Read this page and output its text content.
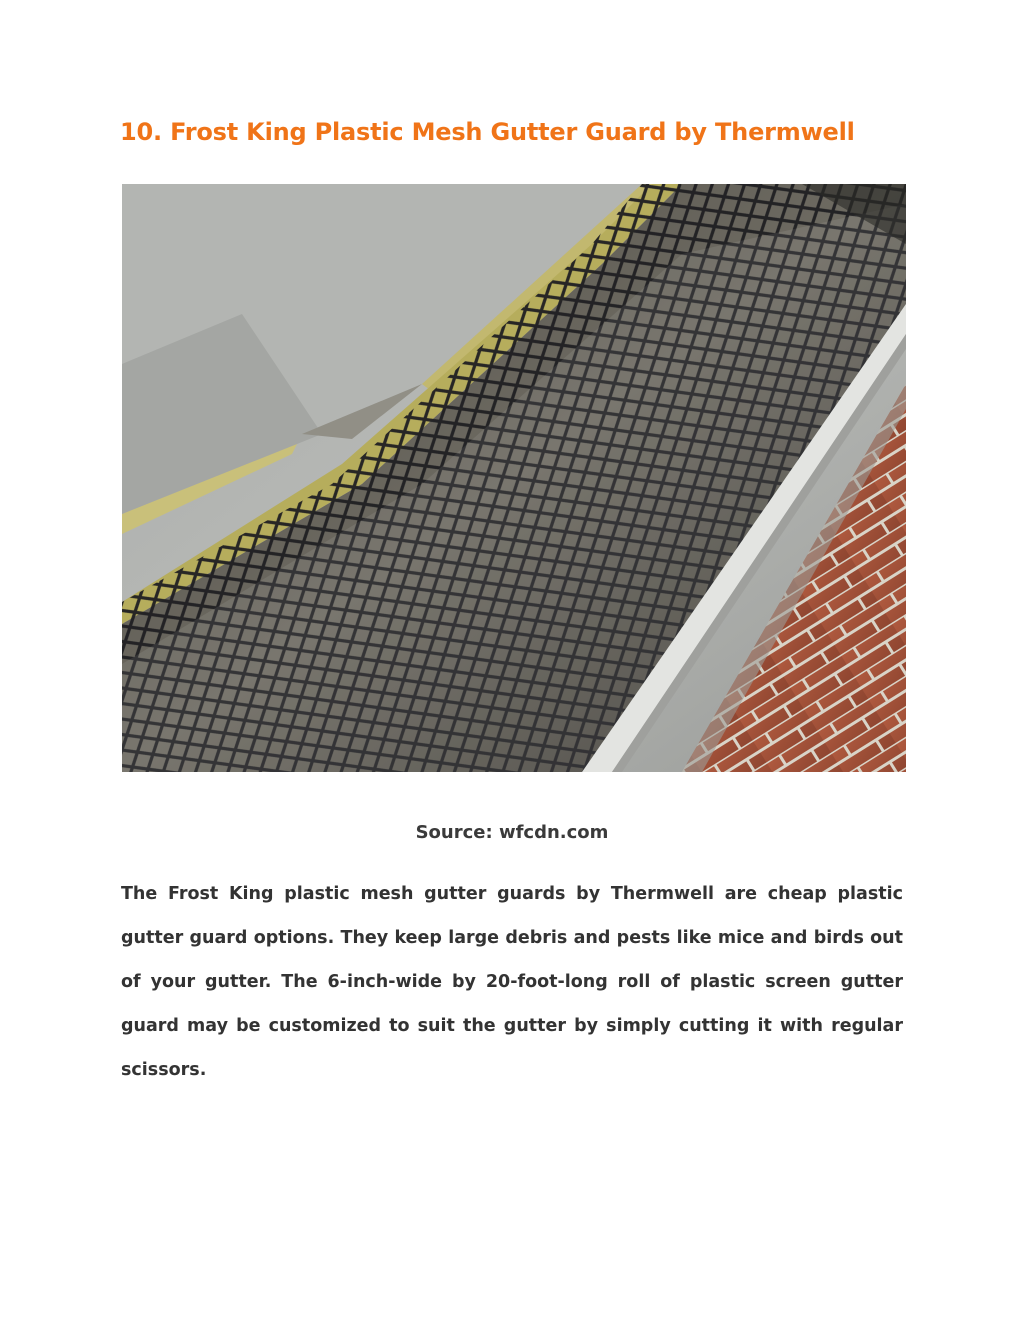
10. Frost King Plastic Mesh Gutter Guard by Thermwell
Source: wfcdn.com

The Frost King plastic mesh gutter guards by Thermwell are cheap plastic gutter guard options. They keep large debris and pests like mice and birds out of your gutter. The 6-inch-wide by 20-foot-long roll of plastic screen gutter guard may be customized to suit the gutter by simply cutting it with regular scissors.
